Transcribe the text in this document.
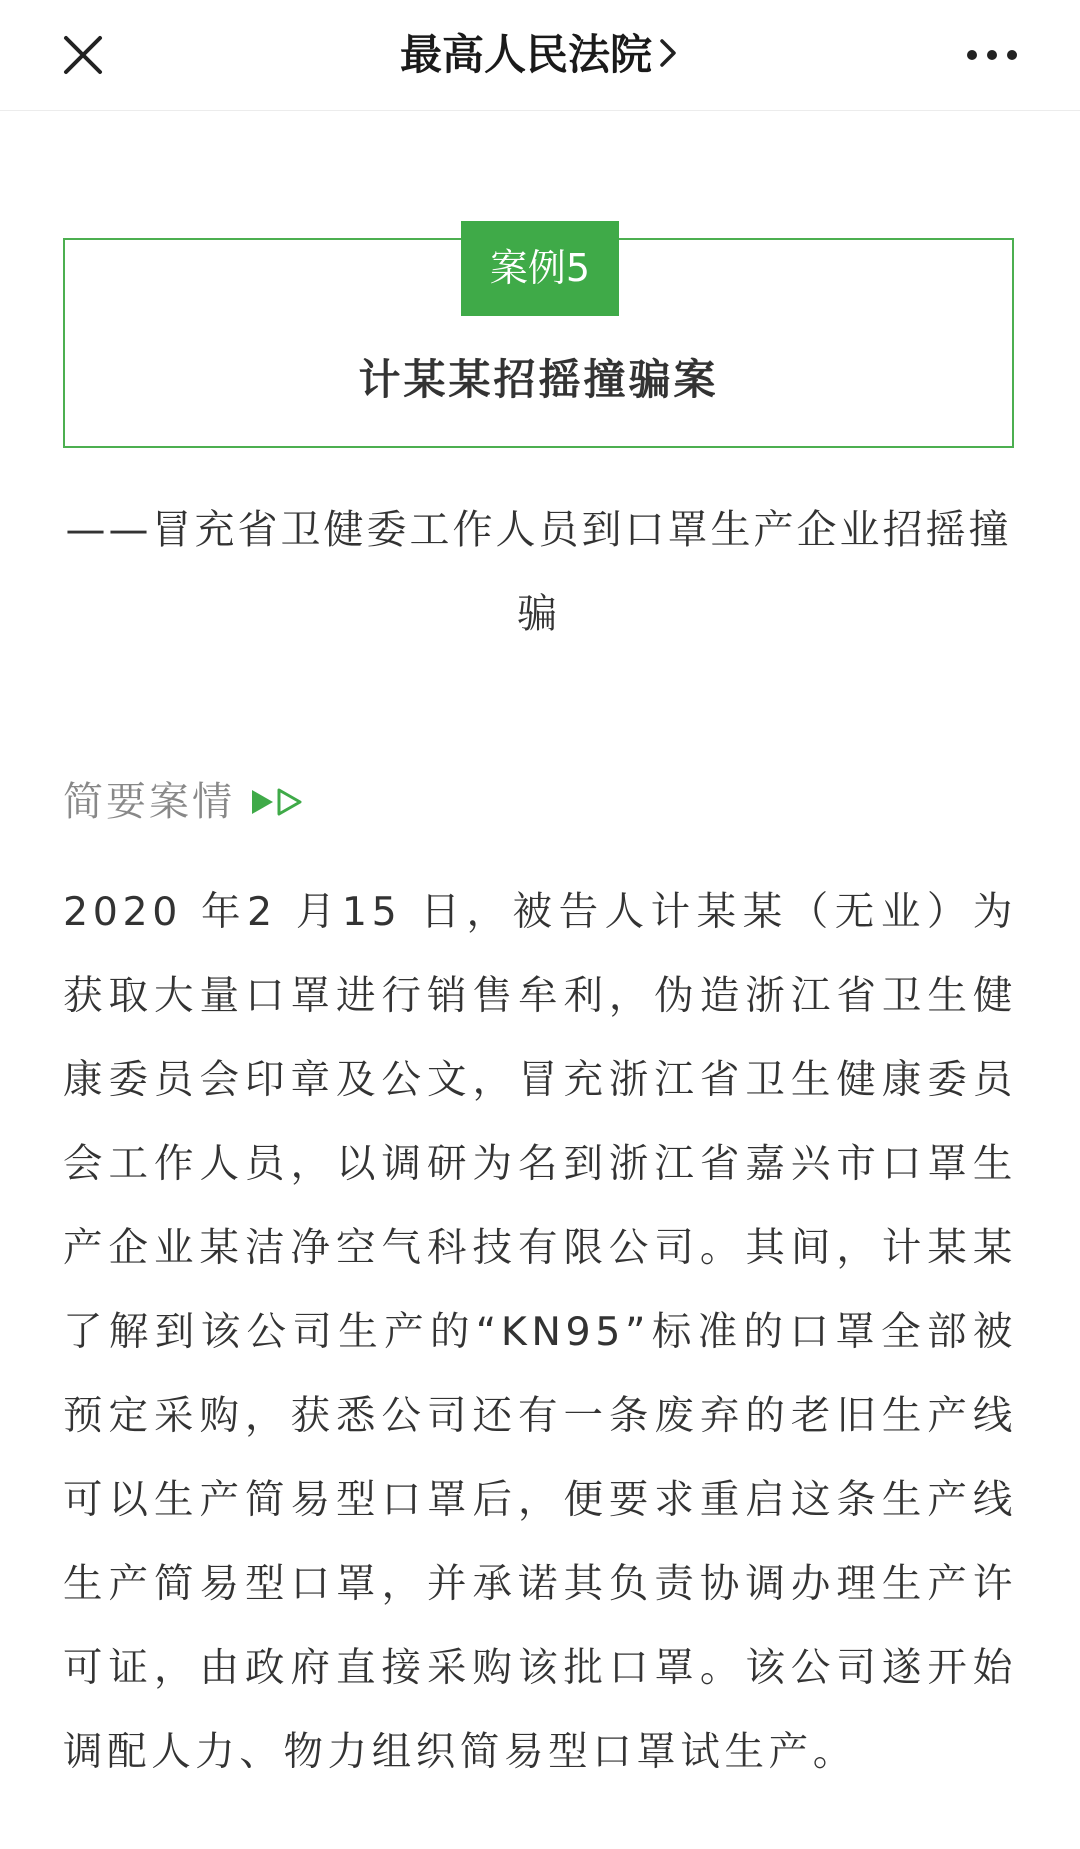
最高人民法院
案例5
计某某招摇撞骗案
——冒充省卫健委工作人员到口罩生产企业招摇撞骗
简要案情

2020 年2 月15 日，被告人计某某（无业）为获取大量口罩进行销售牟利，伪造浙江省卫生健康委员会印章及公文，冒充浙江省卫生健康委员会工作人员，以调研为名到浙江省嘉兴市口罩生产企业某洁净空气科技有限公司。其间，计某某了解到该公司生产的“KN95”标准的口罩全部被预定采购，获悉公司还有一条废弃的老旧生产线可以生产简易型口罩后，便要求重启这条生产线生产简易型口罩，并承诺其负责协调办理生产许可证，由政府直接采购该批口罩。该公司遂开始调配人力、物力组织简易型口罩试生产。
